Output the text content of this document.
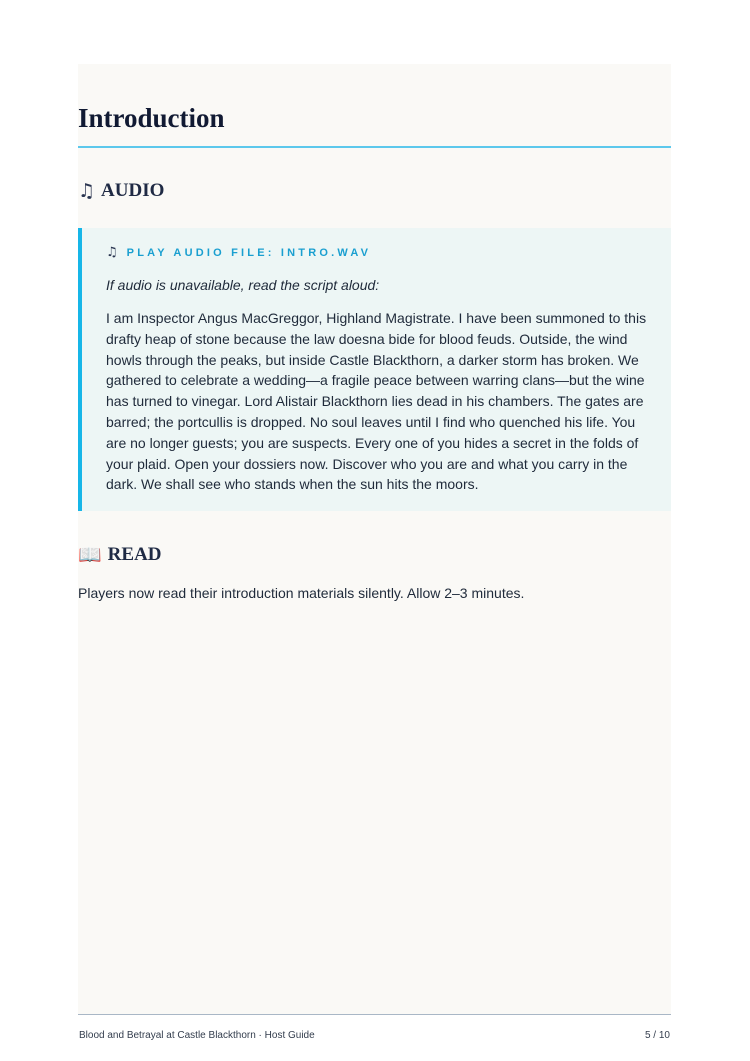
Introduction
♫ AUDIO
♫ PLAY AUDIO FILE: INTRO.WAV

If audio is unavailable, read the script aloud:

I am Inspector Angus MacGreggor, Highland Magistrate. I have been summoned to this drafty heap of stone because the law doesna bide for blood feuds. Outside, the wind howls through the peaks, but inside Castle Blackthorn, a darker storm has broken. We gathered to celebrate a wedding—a fragile peace between warring clans—but the wine has turned to vinegar. Lord Alistair Blackthorn lies dead in his chambers. The gates are barred; the portcullis is dropped. No soul leaves until I find who quenched his life. You are no longer guests; you are suspects. Every one of you hides a secret in the folds of your plaid. Open your dossiers now. Discover who you are and what you carry in the dark. We shall see who stands when the sun hits the moors.

📖 READ

Players now read their introduction materials silently. Allow 2–3 minutes.

Blood and Betrayal at Castle Blackthorn · Host Guide	5 / 10
